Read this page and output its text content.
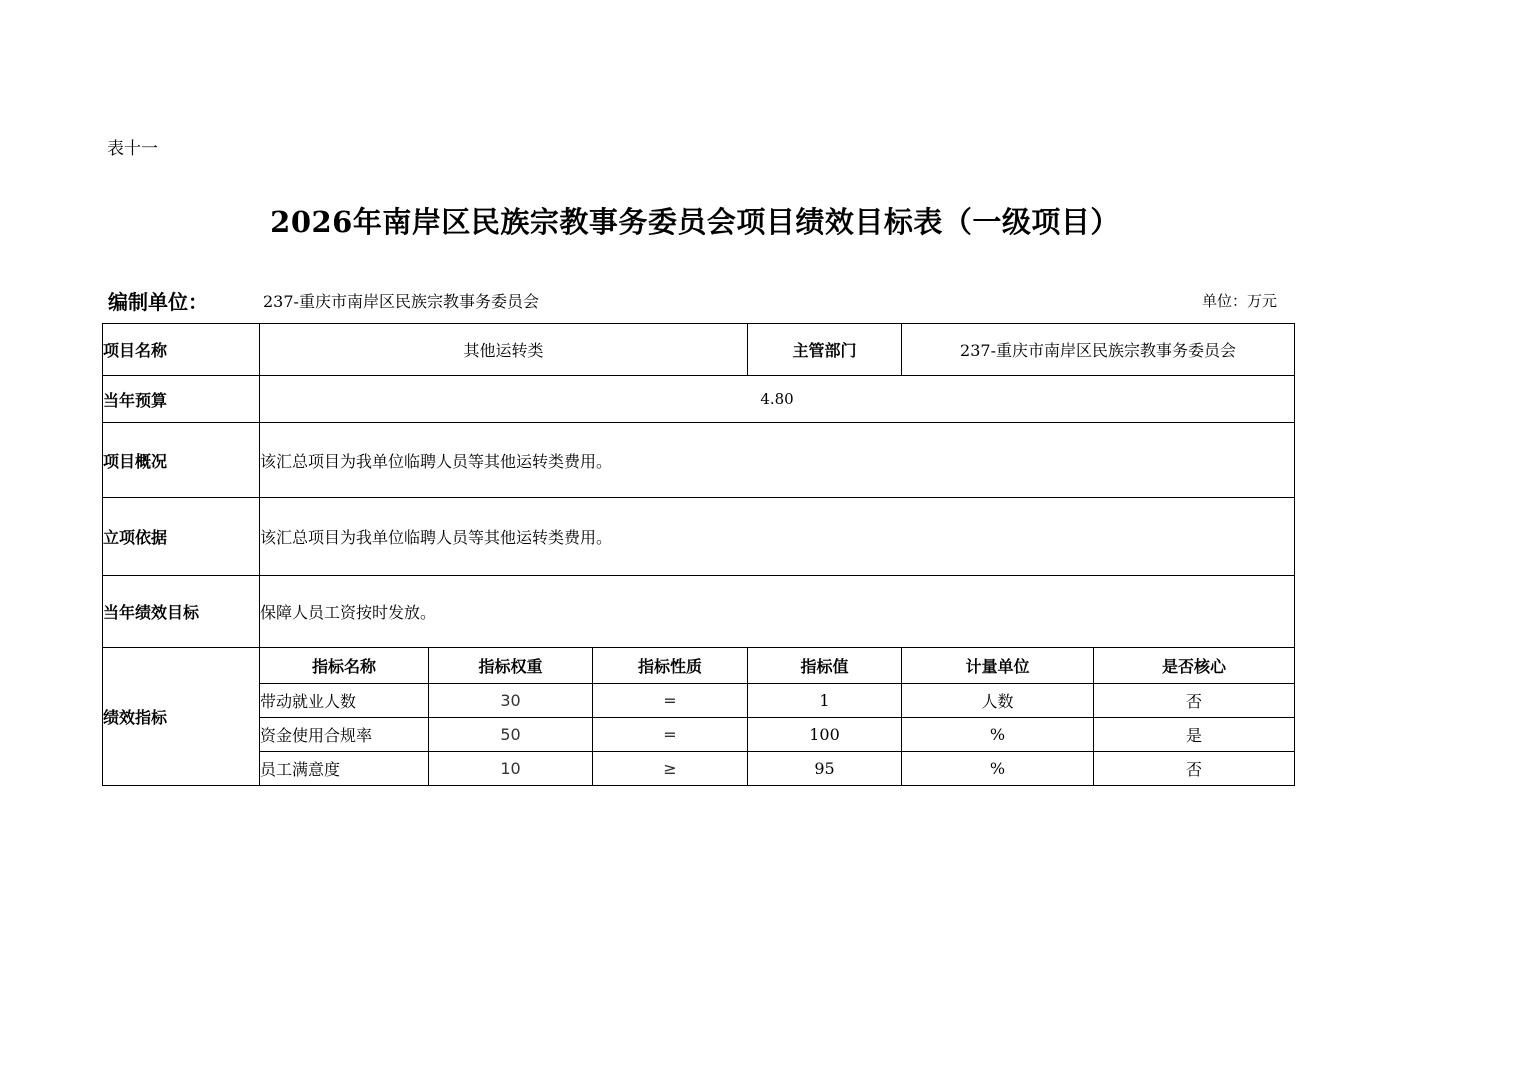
表十一
2026年南岸区民族宗教事务委员会项目绩效目标表（一级项目）
编制单位：	237-重庆市南岸区民族宗教事务委员会	单位：万元
项目名称	其他运转类			主管部门	237-重庆市南岸区民族宗教事务委员会	
当年预算	4.80					
项目概况	该汇总项目为我单位临聘人员等其他运转类费用。					
立项依据	该汇总项目为我单位临聘人员等其他运转类费用。					
当年绩效目标	保障人员工资按时发放。					
绩效指标	指标名称	指标权重	指标性质	指标值	计量单位	是否核心
	带动就业人数	30	=	1	人数	否
	资金使用合规率	50	=	100	%	是
	员工满意度	10	≥	95	%	否
